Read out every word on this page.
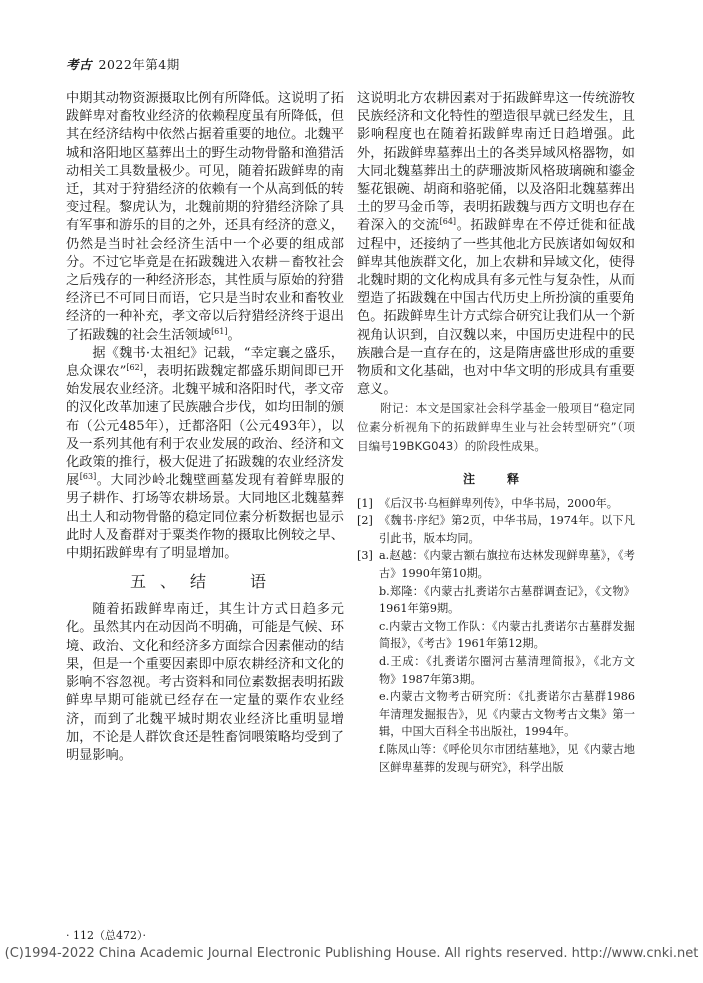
考古 2022年第4期

中期其动物资源摄取比例有所降低。这说明了拓跋鲜卑对畜牧业经济的依赖程度虽有所降低，但其在经济结构中依然占据着重要的地位。北魏平城和洛阳地区墓葬出土的野生动物骨骼和渔猎活动相关工具数量极少。可见，随着拓跋鲜卑的南迁，其对于狩猎经济的依赖有一个从高到低的转变过程。黎虎认为，北魏前期的狩猎经济除了具有军事和游乐的目的之外，还具有经济的意义，仍然是当时社会经济生活中一个必要的组成部分。不过它毕竟是在拓跋魏进入农耕－畜牧社会之后残存的一种经济形态，其性质与原始的狩猎经济已不可同日而语，它只是当时农业和畜牧业经济的一种补充，孝文帝以后狩猎经济终于退出了拓跋魏的社会生活领域[61]。

据《魏书·太祖纪》记载，“幸定襄之盛乐，息众课农”[62]，表明拓跋魏定都盛乐期间即已开始发展农业经济。北魏平城和洛阳时代，孝文帝的汉化改革加速了民族融合步伐，如均田制的颁布（公元485年），迁都洛阳（公元493年），以及一系列其他有利于农业发展的政治、经济和文化政策的推行，极大促进了拓跋魏的农业经济发展[63]。大同沙岭北魏壁画墓发现有着鲜卑服的男子耕作、打场等农耕场景。大同地区北魏墓葬出土人和动物骨骼的稳定同位素分析数据也显示此时人及畜群对于粟类作物的摄取比例较之早、中期拓跋鲜卑有了明显增加。

五、结　语

随着拓跋鲜卑南迁，其生计方式日趋多元化。虽然其内在动因尚不明确，可能是气候、环境、政治、文化和经济多方面综合因素催动的结果，但是一个重要因素即中原农耕经济和文化的影响不容忽视。考古资料和同位素数据表明拓跋鲜卑早期可能就已经存在一定量的粟作农业经济，而到了北魏平城时期农业经济比重明显增加，不论是人群饮食还是牲畜饲喂策略均受到了明显影响。

这说明北方农耕因素对于拓跋鲜卑这一传统游牧民族经济和文化特性的塑造很早就已经发生，且影响程度也在随着拓跋鲜卑南迁日趋增强。此外，拓跋鲜卑墓葬出土的各类异域风格器物，如大同北魏墓葬出土的萨珊波斯风格玻璃碗和鎏金錾花银碗、胡商和骆驼俑，以及洛阳北魏墓葬出土的罗马金币等，表明拓跋魏与西方文明也存在着深入的交流[64]。拓跋鲜卑在不停迁徙和征战过程中，还接纳了一些其他北方民族诸如匈奴和鲜卑其他族群文化，加上农耕和异域文化，使得北魏时期的文化构成具有多元性与复杂性，从而塑造了拓跋魏在中国古代历史上所扮演的重要角色。拓跋鲜卑生计方式综合研究让我们从一个新视角认识到，自汉魏以来，中国历史进程中的民族融合是一直存在的，这是隋唐盛世形成的重要物质和文化基础，也对中华文明的形成具有重要意义。

附记：本文是国家社会科学基金一般项目“稳定同位素分析视角下的拓跋鲜卑生业与社会转型研究”（项目编号19BKG043）的阶段性成果。

注　释
[1] 《后汉书·乌桓鲜卑列传》，中华书局，2000年。
[2] 《魏书·序纪》第2页，中华书局，1974年。以下凡引此书，版本均同。
[3] a.赵越：《内蒙古额右旗拉布达林发现鲜卑墓》，《考古》1990年第10期。
b.郑隆：《内蒙古扎赉诺尔古墓群调查记》，《文物》1961年第9期。
c.内蒙古文物工作队：《内蒙古扎赉诺尔古墓群发掘简报》，《考古》1961年第12期。
d.王成：《扎赉诺尔圈河古墓清理简报》，《北方文物》1987年第3期。
e.内蒙古文物考古研究所：《扎赉诺尔古墓群1986年清理发掘报告》，见《内蒙古文物考古文集》第一辑，中国大百科全书出版社，1994年。
f.陈凤山等：《呼伦贝尔市团结墓地》，见《内蒙古地区鲜卑墓葬的发现与研究》，科学出版
· 112（总472）·
(C)1994-2022 China Academic Journal Electronic Publishing House. All rights reserved. http://www.cnki.net
